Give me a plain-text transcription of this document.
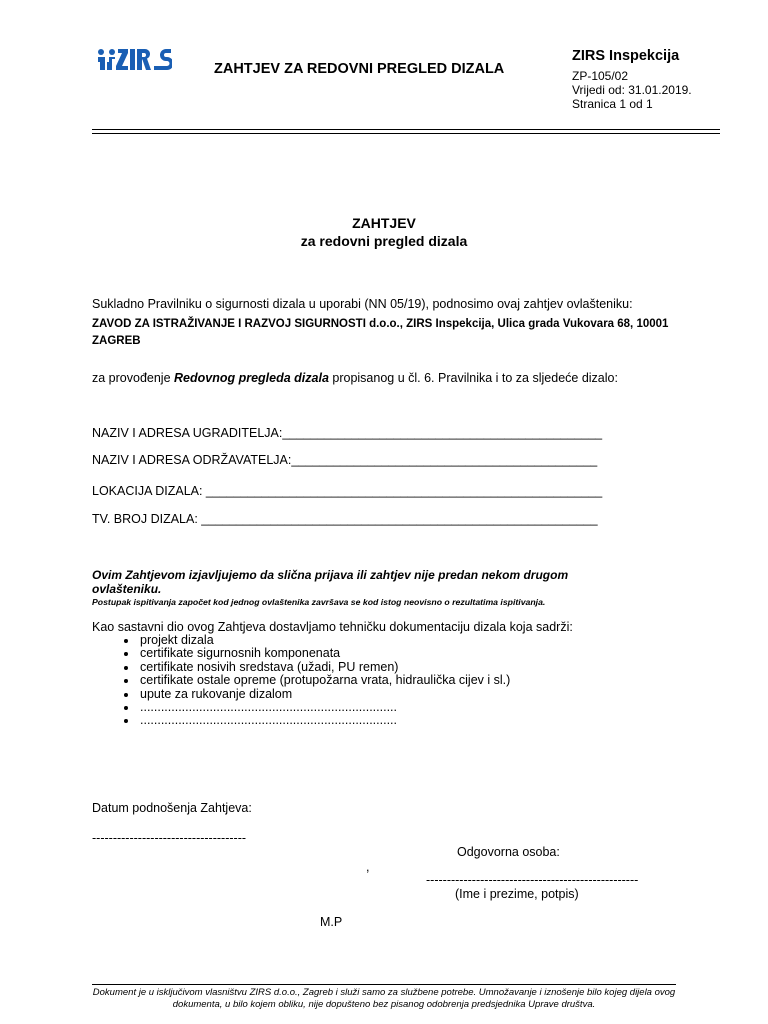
ZAHTJEV ZA REDOVNI PREGLED DIZALA
ZIRS Inspekcija
ZP-105/02
Vrijedi od: 31.01.2019.
Stranica 1 od 1
ZAHTJEV
za redovni pregled dizala
Sukladno Pravilniku o sigurnosti dizala u uporabi (NN 05/19), podnosimo ovaj zahtjev ovlašteniku:
ZAVOD ZA ISTRAŽIVANJE I RAZVOJ SIGURNOSTI d.o.o., ZIRS Inspekcija, Ulica grada Vukovara 68, 10001
ZAGREB
za provođenje Redovnog pregleda dizala propisanog u čl. 6. Pravilnika i to za sljedeće dizalo:
NAZIV I ADRESA UGRADITELJA:______________________________________________
NAZIV I ADRESA ODRŽAVATELJA:____________________________________________
LOKACIJA DIZALA: _________________________________________________________
TV. BROJ DIZALA: _________________________________________________________
Ovim Zahtjevom izjavljujemo da slična prijava ili zahtjev nije predan nekom drugom
ovlašteniku.
Postupak ispitivanja započet kod jednog ovlaštenika završava se kod istog neovisno o rezultatima ispitivanja.
Kao sastavni dio ovog Zahtjeva dostavljamo tehničku dokumentaciju dizala koja sadrži:
• projekt dizala
• certifikate sigurnosnih komponenata
• certifikate nosivih sredstava (užadi, PU remen)
• certifikate ostale opreme (protupožarna vrata, hidraulička cijev i sl.)
• upute za rukovanje dizalom
• ..........................................................................
• ..........................................................................
Datum podnošenja Zahtjeva:
-------------------------------------
Odgovorna osoba:
,
---------------------------------------------------
(Ime i prezime, potpis)
M.P
Dokument je u isključivom vlasništvu ZIRS d.o.o., Zagreb i služi samo za službene potrebe. Umnožavanje i iznošenje bilo kojeg dijela ovog dokumenta, u bilo kojem obliku, nije dopušteno bez pisanog odobrenja predsjednika Uprave društva.
